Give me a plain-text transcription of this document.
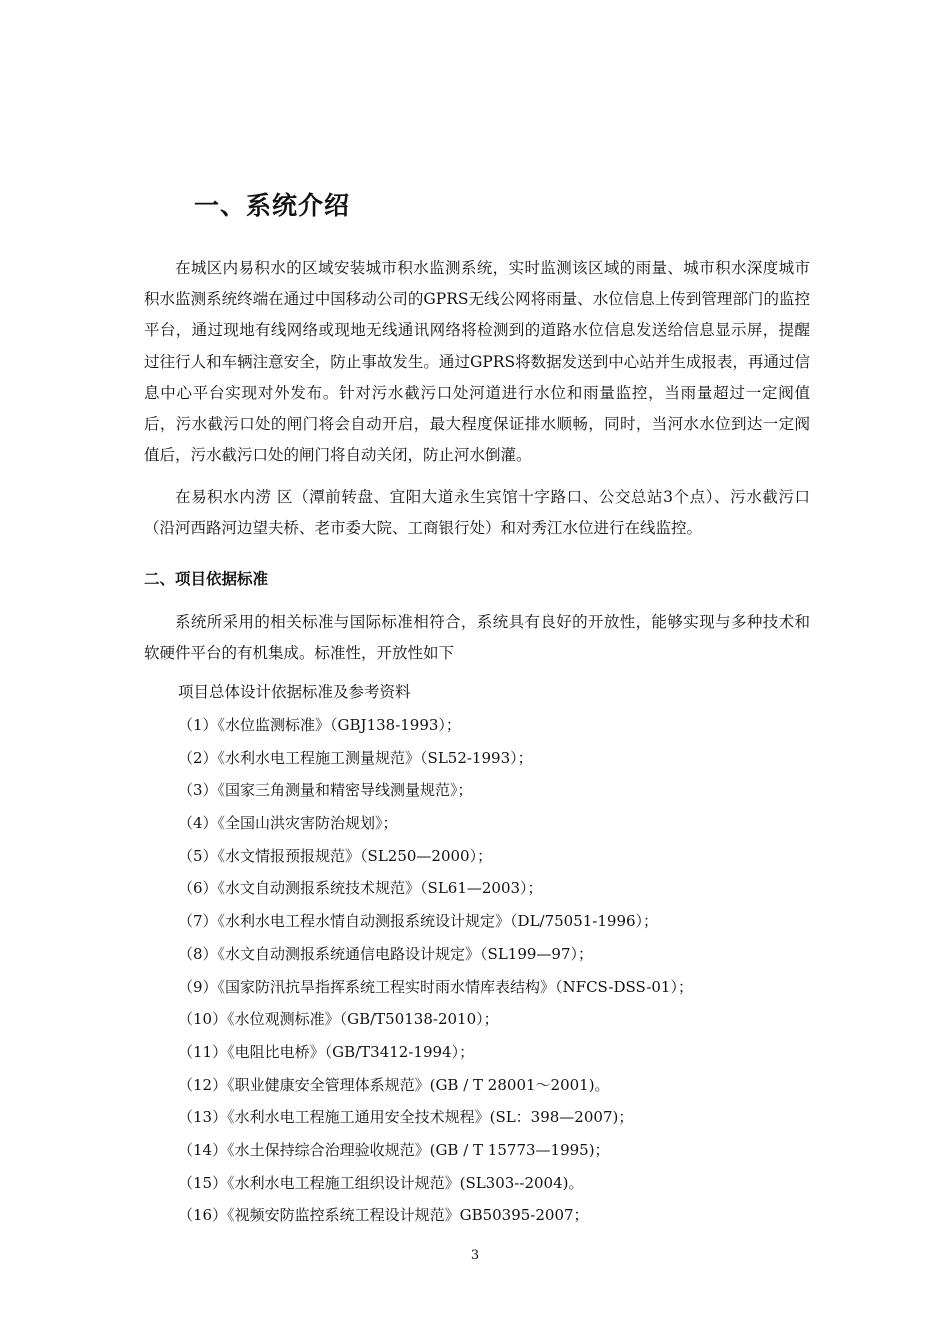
一、系统介绍

在城区内易积水的区域安装城市积水监测系统，实时监测该区域的雨量、城市积水深度城市积水监测系统终端在通过中国移动公司的GPRS无线公网将雨量、水位信息上传到管理部门的监控平台，通过现地有线网络或现地无线通讯网络将检测到的道路水位信息发送给信息显示屏，提醒过往行人和车辆注意安全，防止事故发生。通过GPRS将数据发送到中心站并生成报表，再通过信息中心平台实现对外发布。针对污水截污口处河道进行水位和雨量监控，当雨量超过一定阀值后，污水截污口处的闸门将会自动开启，最大程度保证排水顺畅，同时，当河水水位到达一定阀值后，污水截污口处的闸门将自动关闭，防止河水倒灌。

在易积水内涝 区（潭前转盘、宜阳大道永生宾馆十字路口、公交总站3个点）、污水截污口（沿河西路河边望夫桥、老市委大院、工商银行处）和对秀江水位进行在线监控。

二、项目依据标准

系统所采用的相关标准与国际标准相符合，系统具有良好的开放性，能够实现与多种技术和软硬件平台的有机集成。标准性，开放性如下

项目总体设计依据标准及参考资料
（1）《水位监测标准》（GBJ138-1993）；
（2）《水利水电工程施工测量规范》（SL52-1993）；
（3）《国家三角测量和精密导线测量规范》；
（4）《全国山洪灾害防治规划》；
（5）《水文情报预报规范》（SL250—2000）；
（6）《水文自动测报系统技术规范》（SL61—2003）；
（7）《水利水电工程水情自动测报系统设计规定》（DL/75051-1996）；
（8）《水文自动测报系统通信电路设计规定》（SL199—97）；
（9）《国家防汛抗旱指挥系统工程实时雨水情库表结构》（NFCS-DSS-01）；
（10）《水位观测标准》（GB/T50138-2010）；
（11）《电阻比电桥》（GB/T3412-1994）；
（12）《职业健康安全管理体系规范》(GB / T 28001～2001)。
（13）《水利水电工程施工通用安全技术规程》(SL：398—2007)；
（14）《水土保持综合治理验收规范》(GB / T 15773—1995)；
（15）《水利水电工程施工组织设计规范》(SL303--2004)。
（16）《视频安防监控系统工程设计规范》GB50395-2007；
3
